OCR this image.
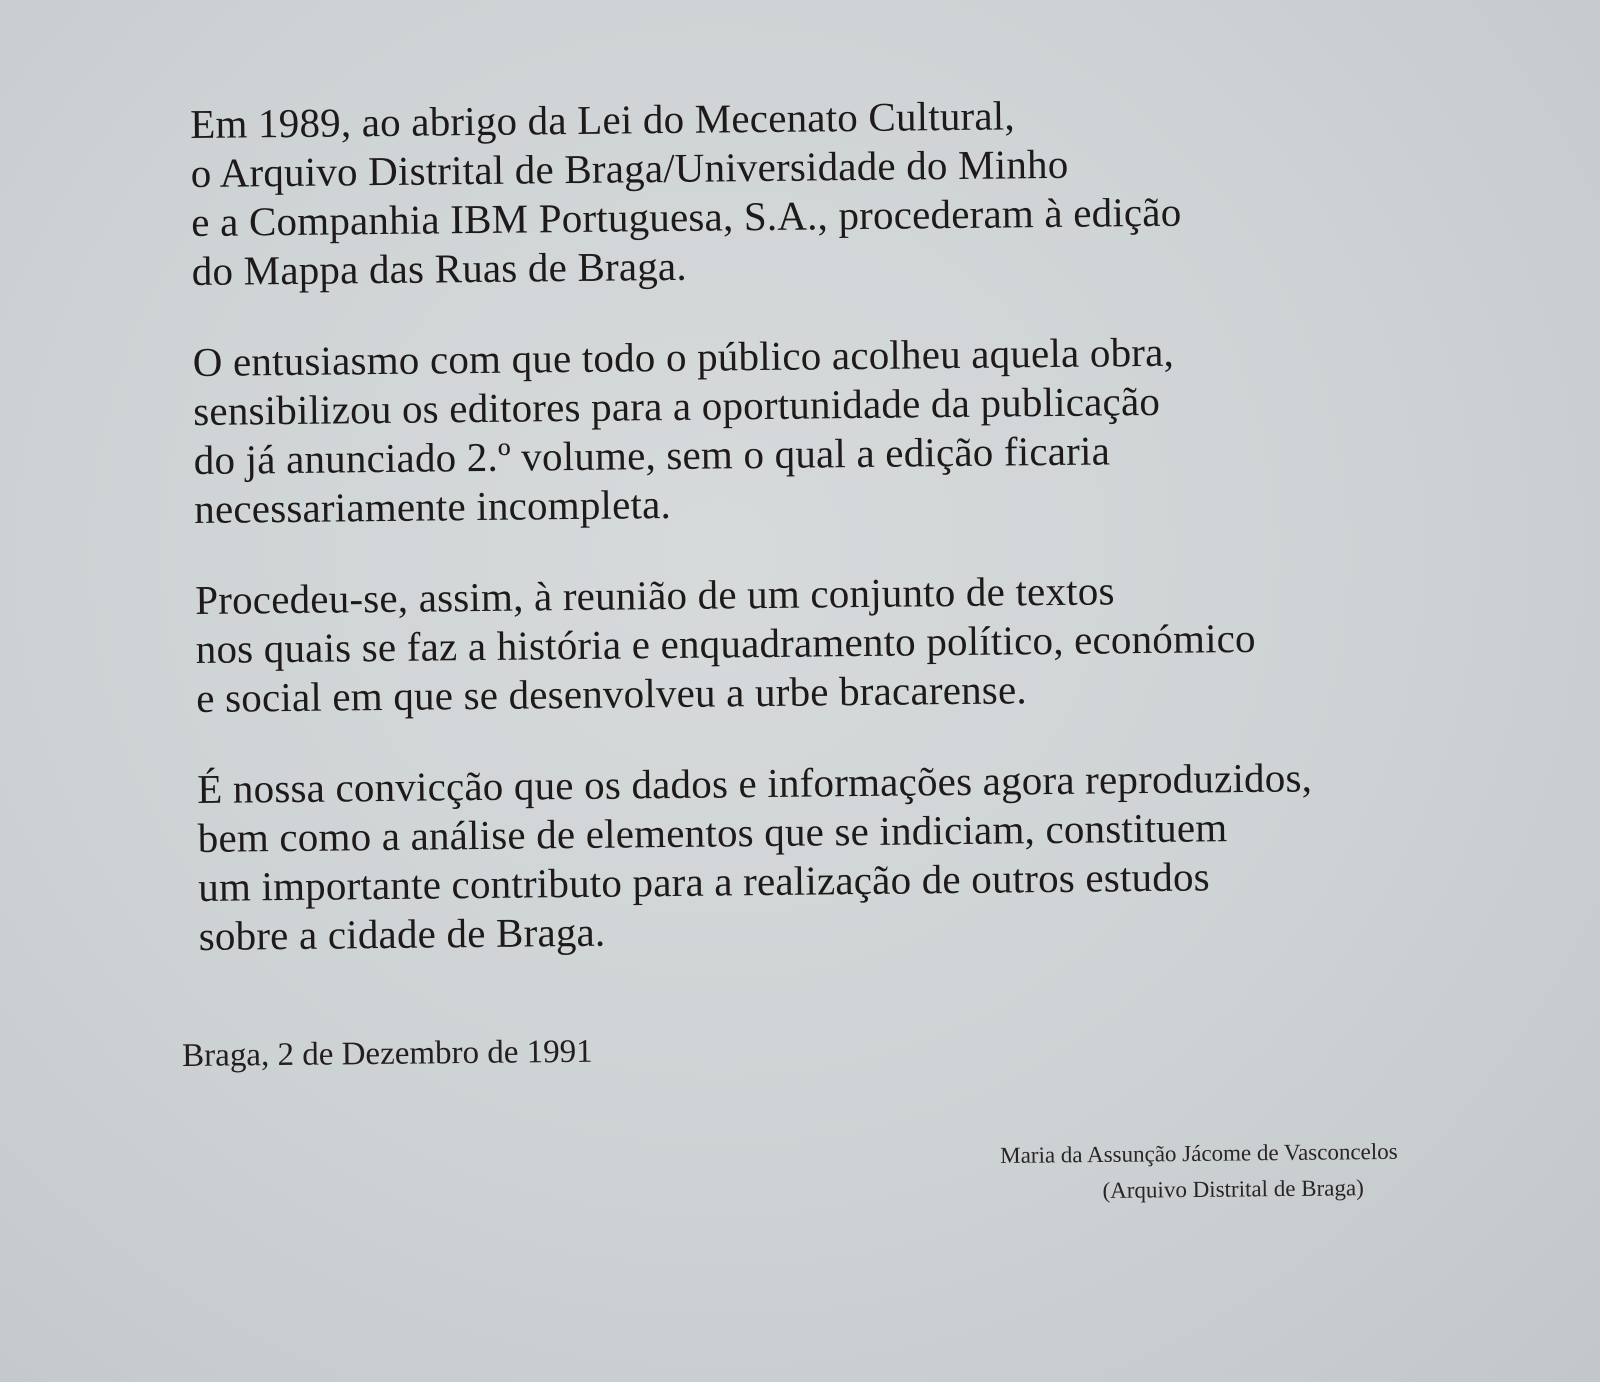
Em 1989, ao abrigo da Lei do Mecenato Cultural,
o Arquivo Distrital de Braga/Universidade do Minho
e a Companhia IBM Portuguesa, S.A., procederam à edição
do Mappa das Ruas de Braga.

O entusiasmo com que todo o público acolheu aquela obra,
sensibilizou os editores para a oportunidade da publicação
do já anunciado 2.º volume, sem o qual a edição ficaria
necessariamente incompleta.

Procedeu-se, assim, à reunião de um conjunto de textos
nos quais se faz a história e enquadramento político, económico
e social em que se desenvolveu a urbe bracarense.

É nossa convicção que os dados e informações agora reproduzidos,
bem como a análise de elementos que se indiciam, constituem
um importante contributo para a realização de outros estudos
sobre a cidade de Braga.

Braga, 2 de Dezembro de 1991
Maria da Assunção Jácome de Vasconcelos
(Arquivo Distrital de Braga)
